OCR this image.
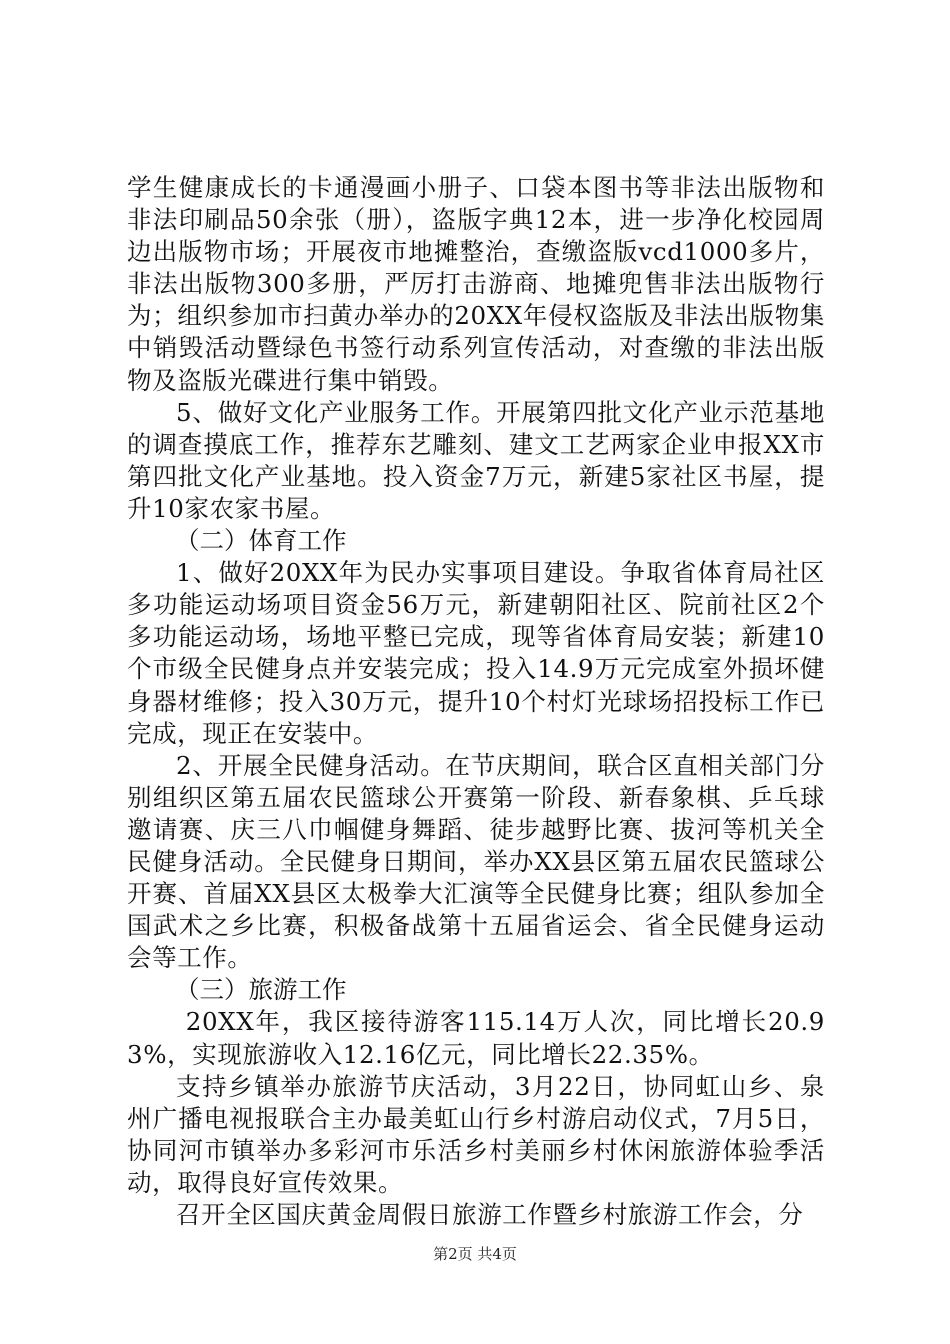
学生健康成长的卡通漫画小册子、口袋本图书等非法出版物和非法印刷品50余张（册），盗版字典12本，进一步净化校园周边出版物市场；开展夜市地摊整治，查缴盗版vcd1000多片，非法出版物300多册，严厉打击游商、地摊兜售非法出版物行为；组织参加市扫黄办举办的20XX年侵权盗版及非法出版物集中销毁活动暨绿色书签行动系列宣传活动，对查缴的非法出版物及盗版光碟进行集中销毁。

5、做好文化产业服务工作。开展第四批文化产业示范基地的调查摸底工作，推荐东艺雕刻、建文工艺两家企业申报XX市第四批文化产业基地。投入资金7万元，新建5家社区书屋，提升10家农家书屋。

（二）体育工作

1、做好20XX年为民办实事项目建设。争取省体育局社区多功能运动场项目资金56万元，新建朝阳社区、院前社区2个多功能运动场，场地平整已完成，现等省体育局安装；新建10个市级全民健身点并安装完成；投入14.9万元完成室外损坏健身器材维修；投入30万元，提升10个村灯光球场招投标工作已完成，现正在安装中。

2、开展全民健身活动。在节庆期间，联合区直相关部门分别组织区第五届农民篮球公开赛第一阶段、新春象棋、乒乓球邀请赛、庆三八巾帼健身舞蹈、徒步越野比赛、拔河等机关全民健身活动。全民健身日期间，举办XX县区第五届农民篮球公开赛、首届XX县区太极拳大汇演等全民健身比赛；组队参加全国武术之乡比赛，积极备战第十五届省运会、省全民健身运动会等工作。

（三）旅游工作

20XX年，我区接待游客115.14万人次，同比增长20.93%，实现旅游收入12.16亿元，同比增长22.35%。

支持乡镇举办旅游节庆活动，3月22日，协同虹山乡、泉州广播电视报联合主办最美虹山行乡村游启动仪式，7月5日，协同河市镇举办多彩河市乐活乡村美丽乡村休闲旅游体验季活动，取得良好宣传效果。

召开全区国庆黄金周假日旅游工作暨乡村旅游工作会，分

第2页 共4页
